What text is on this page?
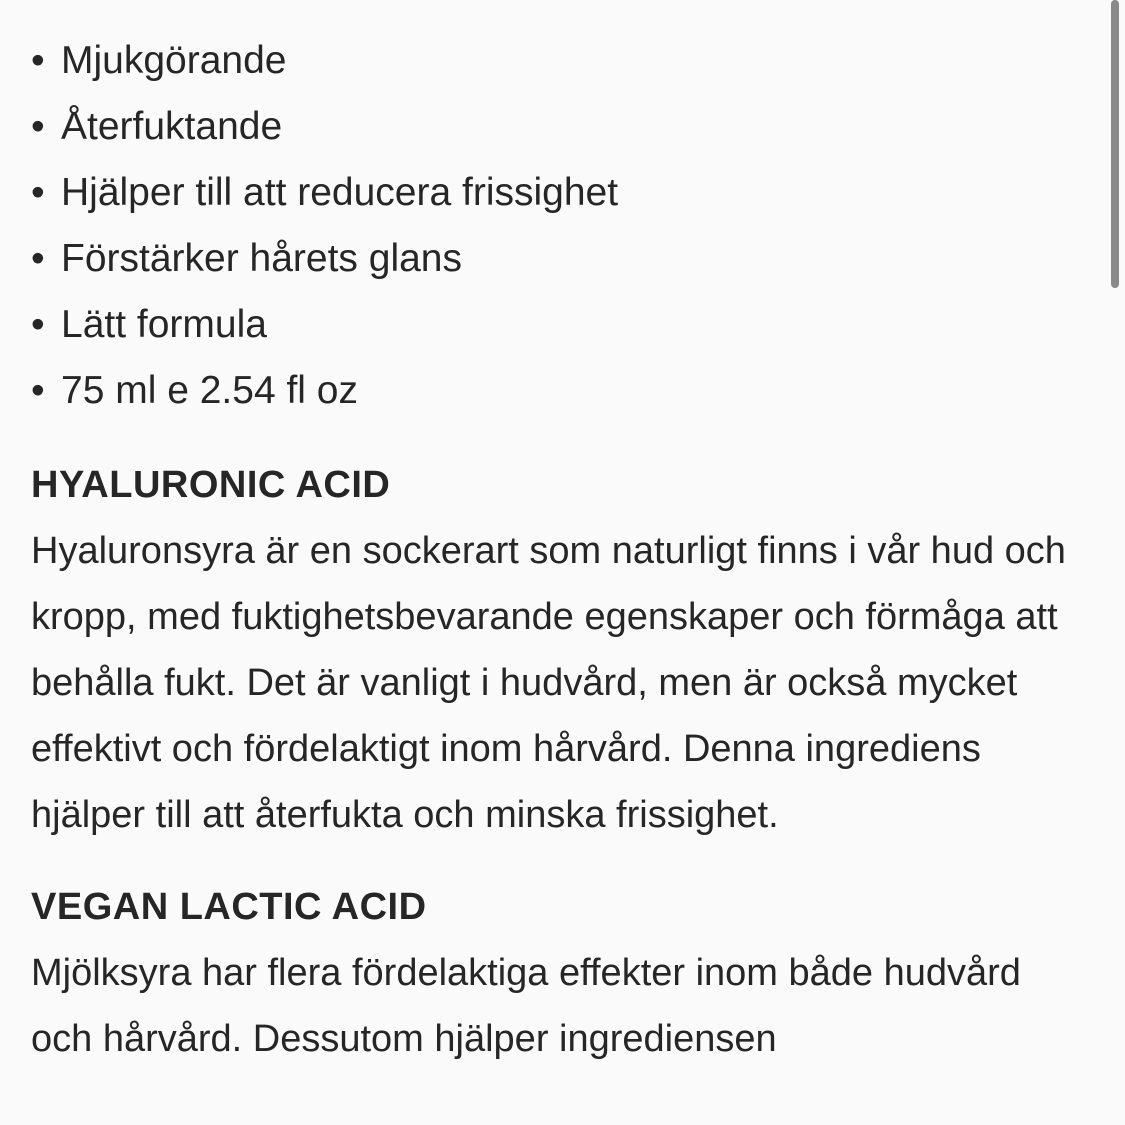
• Mjukgörande
• Återfuktande
• Hjälper till att reducera frissighet
• Förstärker hårets glans
• Lätt formula
• 75 ml e 2.54 fl oz
HYALURONIC ACID

Hyaluronsyra är en sockerart som naturligt finns i vår hud och kropp, med fuktighetsbevarande egenskaper och förmåga att behålla fukt. Det är vanligt i hudvård, men är också mycket effektivt och fördelaktigt inom hårvård. Denna ingrediens hjälper till att återfukta och minska frissighet.

VEGAN LACTIC ACID

Mjölksyra har flera fördelaktiga effekter inom både hudvård och hårvård. Dessutom hjälper ingrediensen
